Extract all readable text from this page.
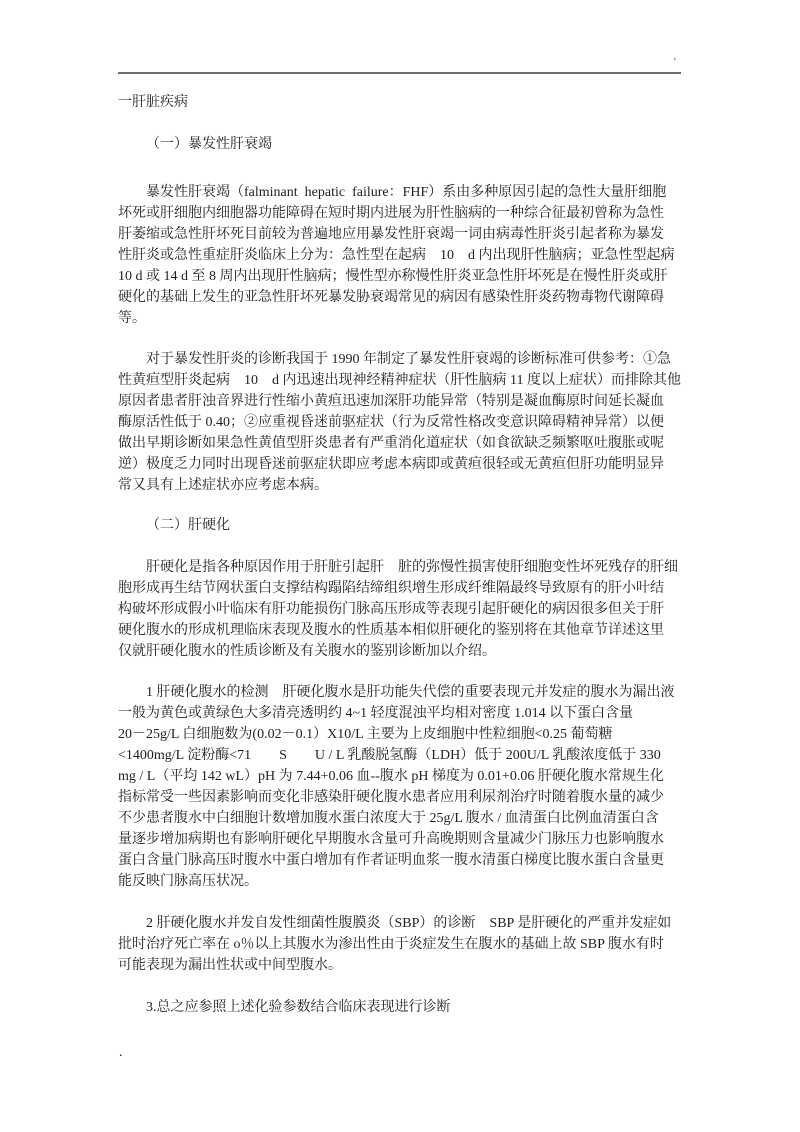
'
一肝脏疾病
（一）暴发性肝衰竭
暴发性肝衰竭（falminant  hepatic  failure：FHF）系由多种原因引起的急性大量肝细胞
坏死或肝细胞内细胞器功能障碍在短时期内进展为肝性脑病的一种综合征最初曾称为急性
肝萎缩或急性肝坏死目前较为普遍地应用暴发性肝衰竭一词由病毒性肝炎引起者称为暴发
性肝炎或急性重症肝炎临床上分为：急性型在起病　10　d 内出现肝性脑病；亚急性型起病
10 d 或 14 d 至 8 周内出现肝性脑病；慢性型亦称慢性肝炎亚急性肝坏死是在慢性肝炎或肝
硬化的基础上发生的亚急性肝坏死暴发胁衰竭常见的病因有感染性肝炎药物毒物代谢障碍
等。
对于暴发性肝炎的诊断我国于 1990 年制定了暴发性肝衰竭的诊断标准可供参考：①急
性黄疸型肝炎起病　10　d 内迅速出现神经精神症状（肝性脑病 11 度以上症状）而排除其他
原因者患者肝浊音界进行性缩小黄疸迅速加深肝功能异常（特别是凝血酶原时间延长凝血
酶原活性低于 0.40；②应重视昏迷前驱症状（行为反常性格改变意识障碍精神异常）以便
做出早期诊断如果急性黄值型肝炎患者有严重消化道症状（如食欲缺乏频繁呕吐腹胀或呢
逆）极度乏力同时出现昏迷前驱症状即应考虑本病即或黄疸很轻或无黄疸但肝功能明显异
常又具有上述症状亦应考虑本病。
（二）肝硬化
肝硬化是指各种原因作用于肝脏引起肝　脏的弥慢性损害使肝细胞变性坏死残存的肝细
胞形成再生结节网状蛋白支撑结构蹋陷结缔组织增生形成纤维隔最终导致原有的肝小叶结
构破坏形成假小叶临床有肝功能损伤门脉高压形成等表现引起肝硬化的病因很多但关于肝
硬化腹水的形成机理临床表现及腹水的性质基本相似肝硬化的鉴别将在其他章节详述这里
仅就肝硬化腹水的性质诊断及有关腹水的鉴别诊断加以介绍。
1 肝硬化腹水的检测　肝硬化腹水是肝功能失代偿的重要表现元并发症的腹水为漏出液
一般为黄色或黄绿色大多清亮透明约 4~1 轻度混浊平均相对密度 1.014 以下蛋白含量
20－25g/L 白细胞数为(0.02－0.1）X10/L 主要为上皮细胞中性粒细胞<0.25 葡萄糖
<1400mg/L 淀粉酶<71　　S　　U / L 乳酸脱氢酶（LDH）低于 200U/L 乳酸浓度低于 330
mg / L（平均 142 wL）pH 为 7.44+0.06 血--腹水 pH 梯度为 0.01+0.06 肝硬化腹水常规生化
指标常受一些因素影响而变化非感染肝硬化腹水患者应用利尿剂治疗时随着腹水量的减少
不少患者腹水中白细胞计数增加腹水蛋白浓度大于 25g/L 腹水 / 血清蛋白比例血清蛋白含
量逐步增加病期也有影响肝硬化早期腹水含量可升高晚期则含量减少门脉压力也影响腹水
蛋白含量门脉高压时腹水中蛋白增加有作者证明血浆一腹水清蛋白梯度比腹水蛋白含量更
能反映门脉高压状况。
2 肝硬化腹水并发自发性细菌性腹膜炎（SBP）的诊断　SBP 是肝硬化的严重并发症如
批时治疗死亡率在 o％以上其腹水为渗出性由于炎症发生在腹水的基础上故 SBP 腹水有时
可能表现为漏出性状或中间型腹水。
3.总之应参照上述化验参数结合临床表现进行诊断
.
